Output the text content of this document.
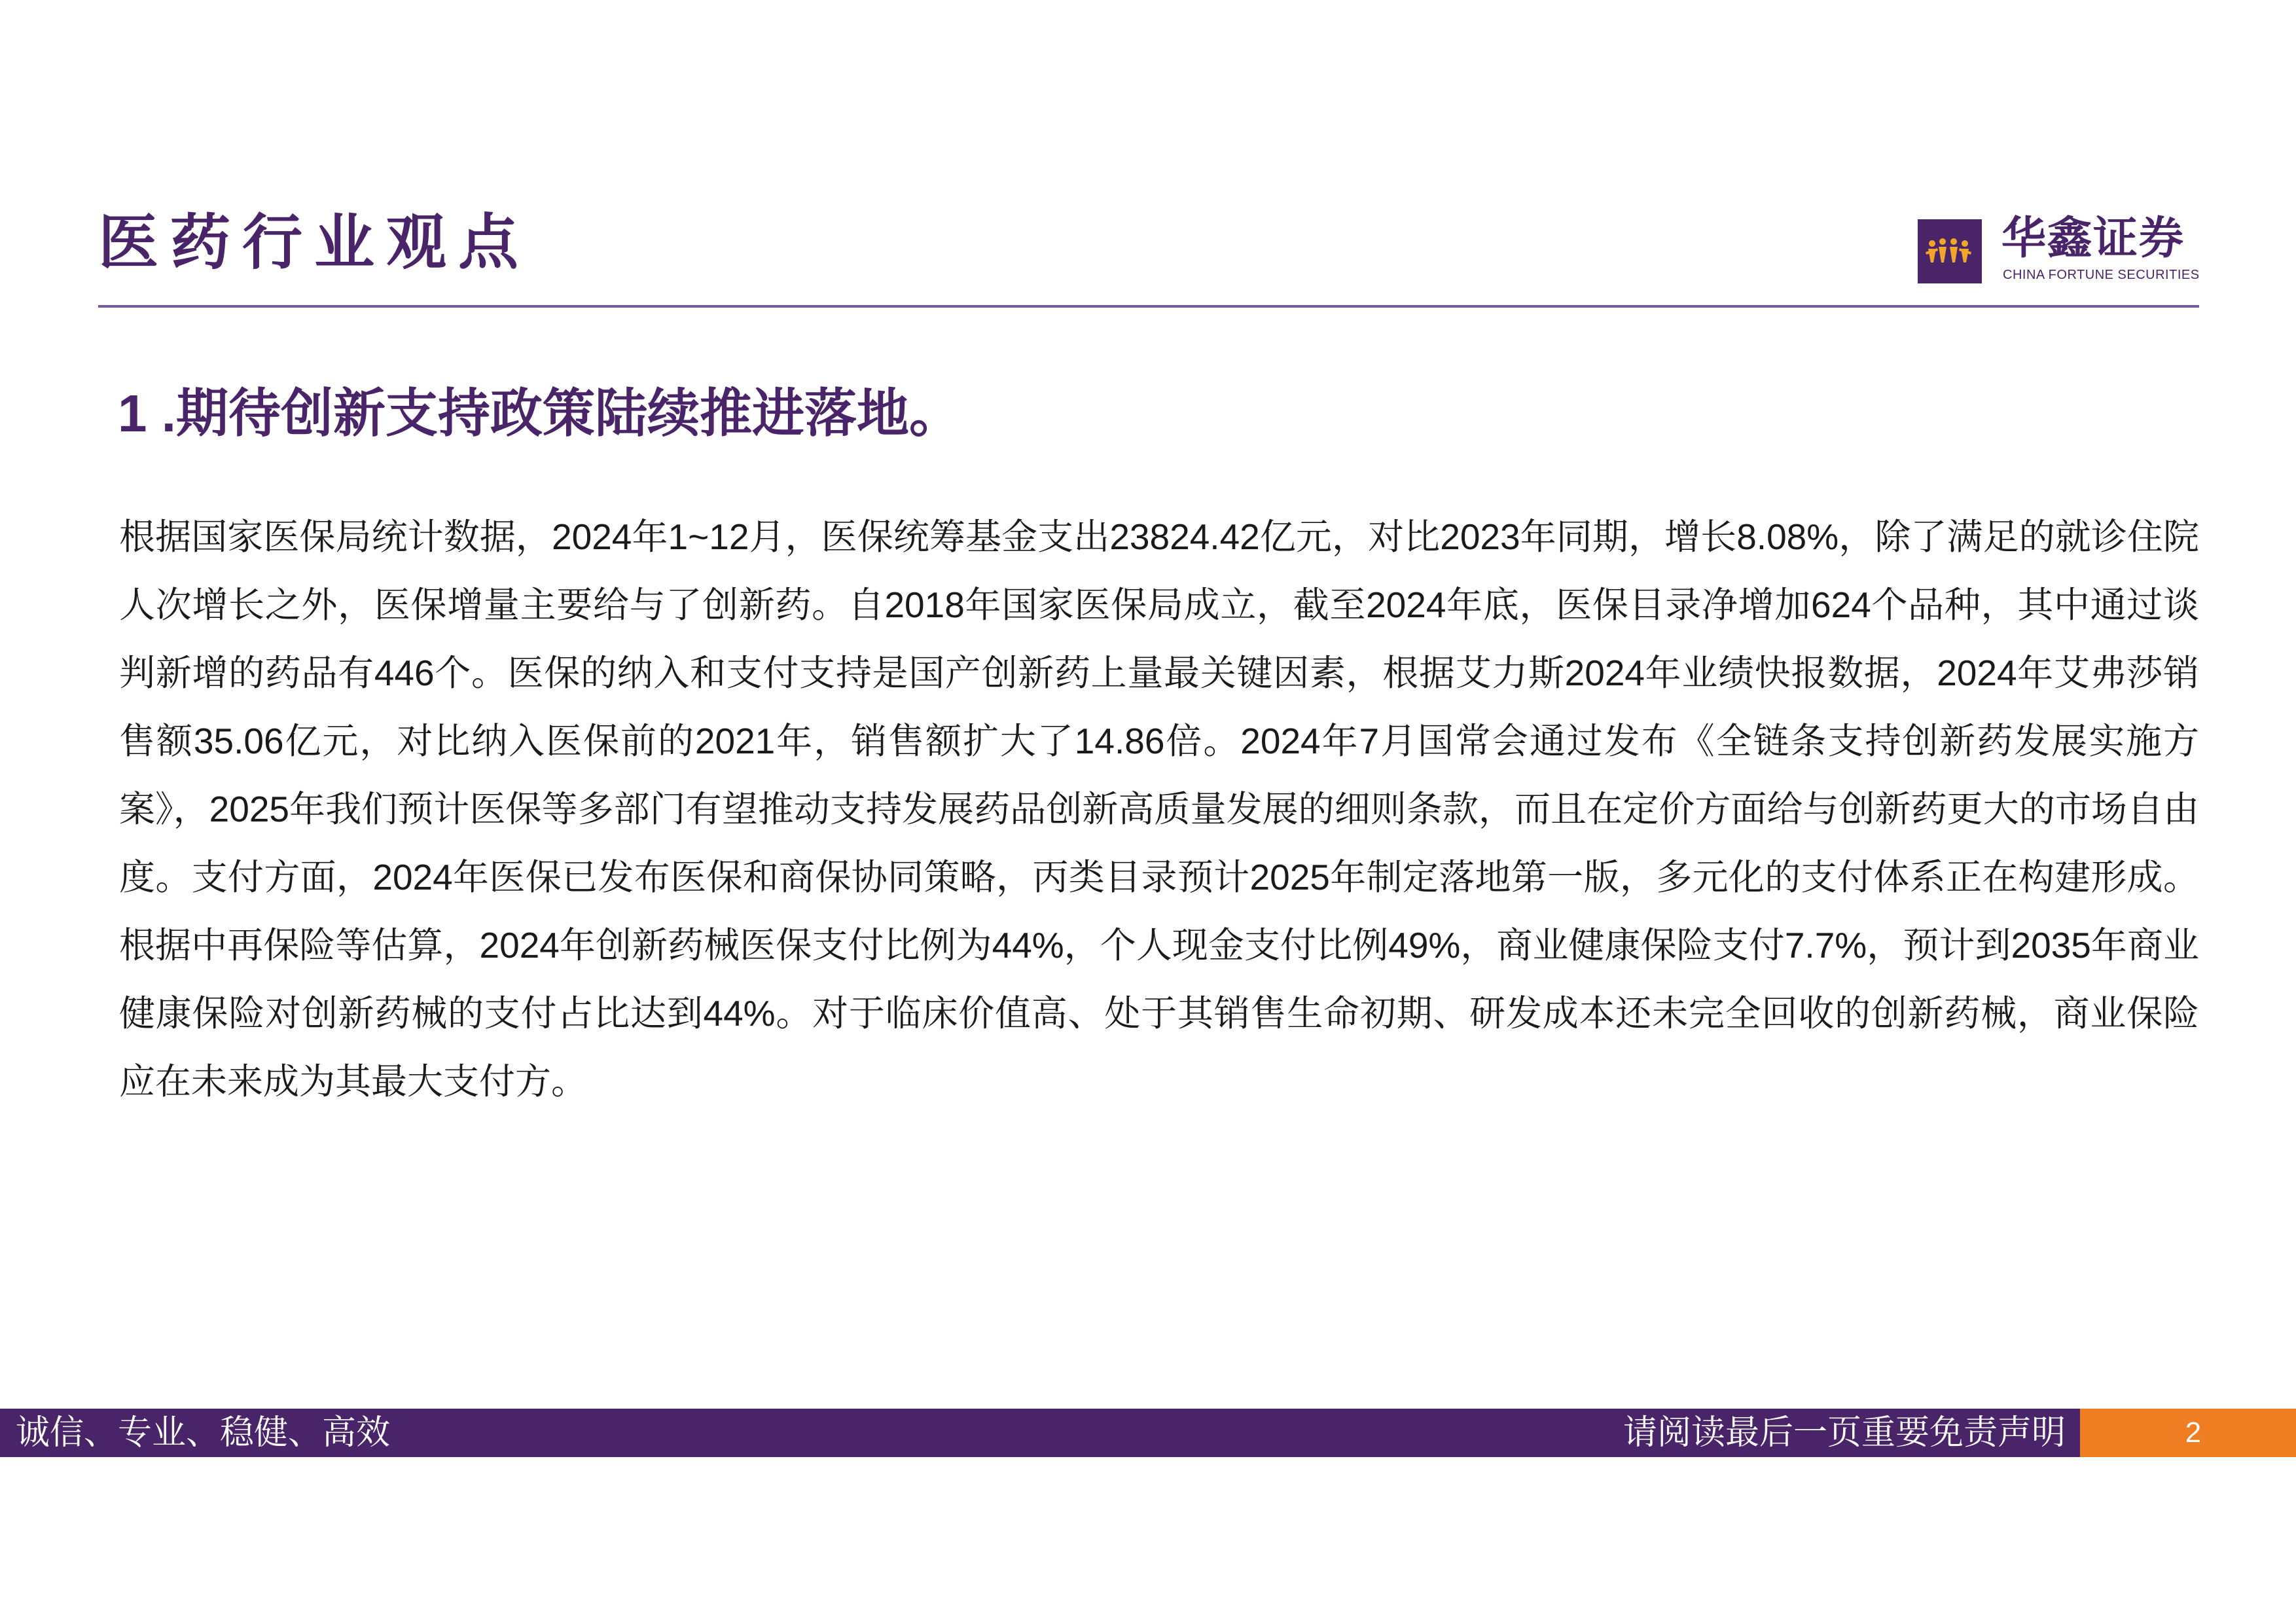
医药行业观点	华鑫证券
CHINA FORTUNE SECURITIES
1 .期待创新支持政策陆续推进落地。

根据国家医保局统计数据，2024年1~12月，医保统筹基金支出23824.42亿元，对比2023年同期，增长8.08%，除了满足的就诊住院人次增长之外，医保增量主要给与了创新药。自2018年国家医保局成立，截至2024年底，医保目录净增加624个品种，其中通过谈判新增的药品有446个。医保的纳入和支付支持是国产创新药上量最关键因素，根据艾力斯2024年业绩快报数据，2024年艾弗莎销售额35.06亿元，对比纳入医保前的2021年，销售额扩大了14.86倍。2024年7月国常会通过发布《全链条支持创新药发展实施方案》，2025年我们预计医保等多部门有望推动支持发展药品创新高质量发展的细则条款，而且在定价方面给与创新药更大的市场自由度。支付方面，2024年医保已发布医保和商保协同策略，丙类目录预计2025年制定落地第一版，多元化的支付体系正在构建形成。根据中再保险等估算，2024年创新药械医保支付比例为44%，个人现金支付比例49%，商业健康保险支付7.7%，预计到2035年商业健康保险对创新药械的支付占比达到44%。对于临床价值高、处于其销售生命初期、研发成本还未完全回收的创新药械，商业保险应在未来成为其最大支付方。

诚信、专业、稳健、高效	请阅读最后一页重要免责声明	2
